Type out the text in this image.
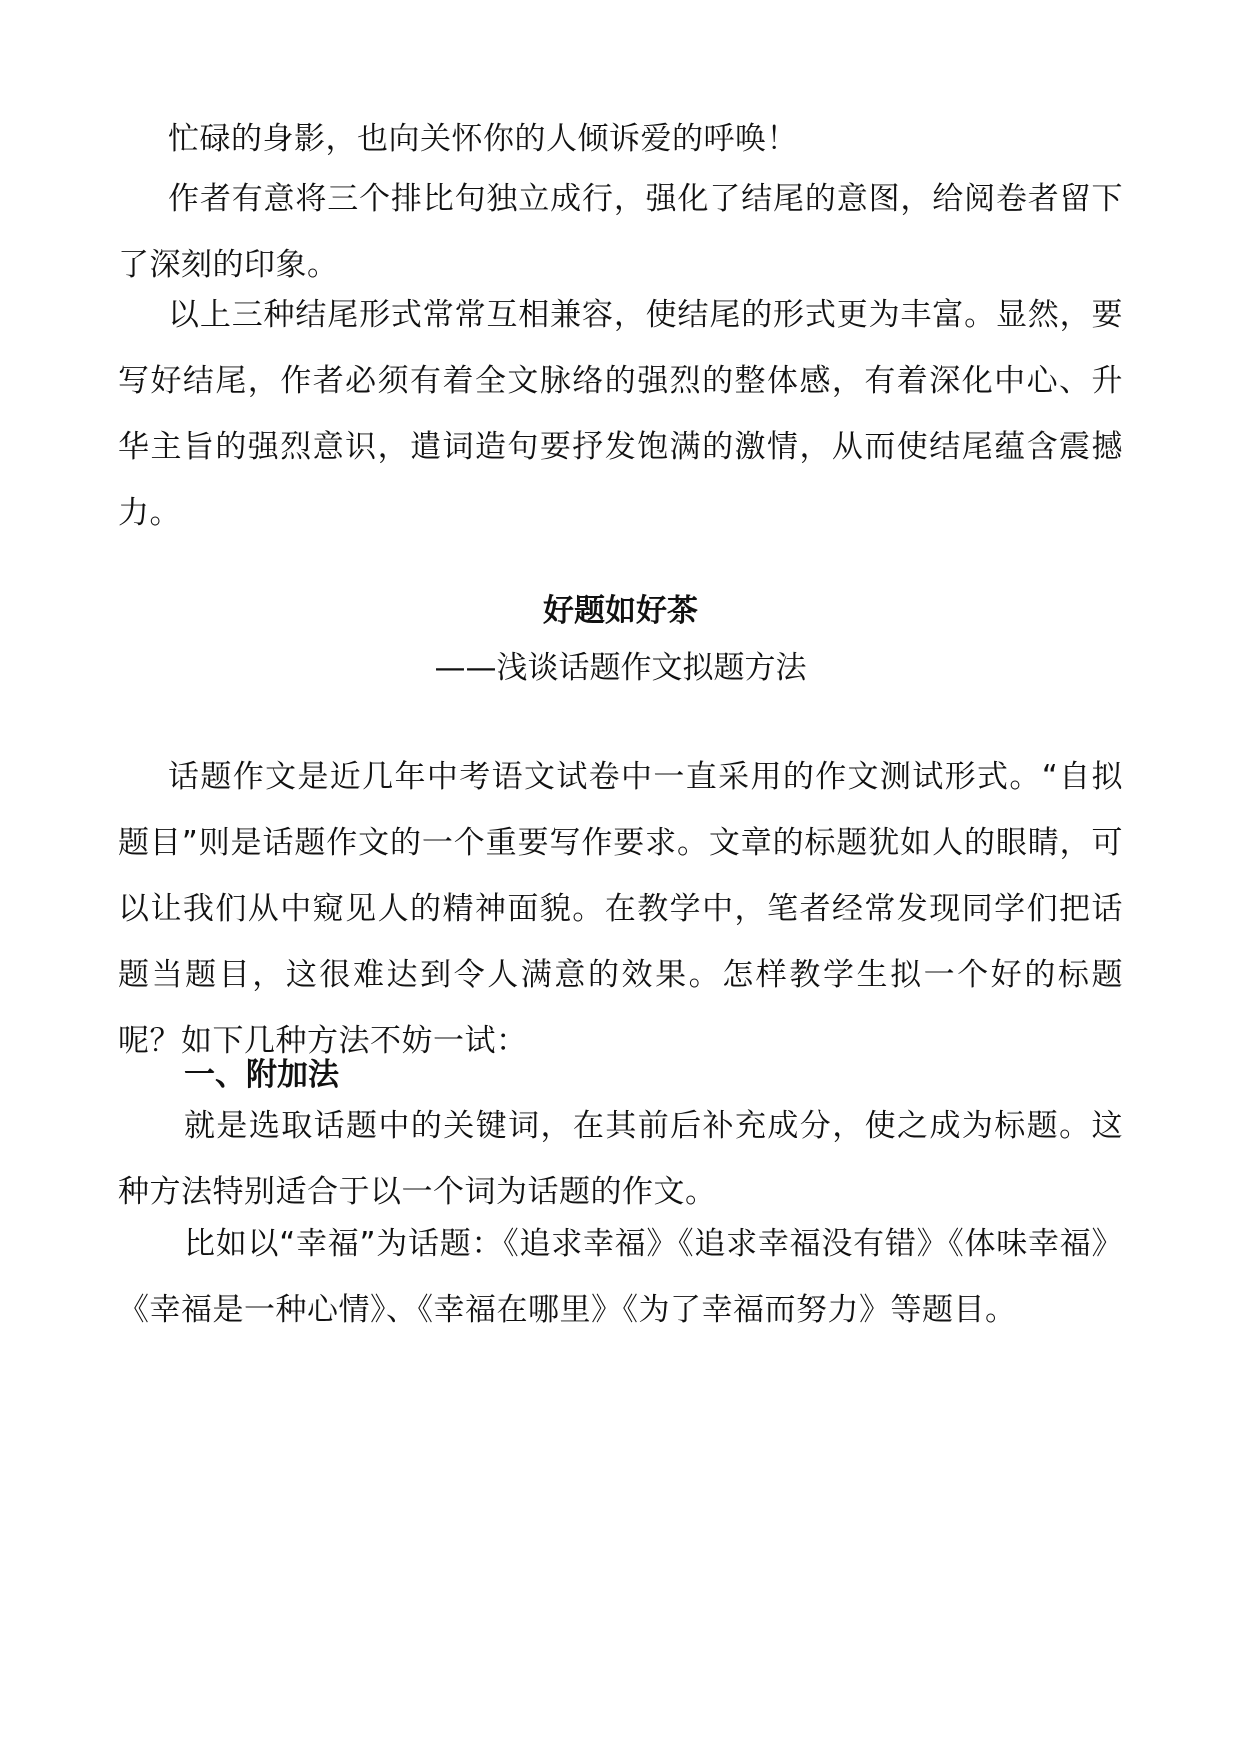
忙碌的身影，也向关怀你的人倾诉爱的呼唤！

作者有意将三个排比句独立成行，强化了结尾的意图，给阅卷者留下了深刻的印象。

以上三种结尾形式常常互相兼容，使结尾的形式更为丰富。显然，要写好结尾，作者必须有着全文脉络的强烈的整体感，有着深化中心、升华主旨的强烈意识，遣词造句要抒发饱满的激情，从而使结尾蕴含震撼力。

好题如好茶

——浅谈话题作文拟题方法

话题作文是近几年中考语文试卷中一直采用的作文测试形式。“自拟题目”则是话题作文的一个重要写作要求。文章的标题犹如人的眼睛，可以让我们从中窥见人的精神面貌。在教学中，笔者经常发现同学们把话题当题目，这很难达到令人满意的效果。怎样教学生拟一个好的标题呢？如下几种方法不妨一试：

一、附加法

就是选取话题中的关键词，在其前后补充成分，使之成为标题。这种方法特别适合于以一个词为话题的作文。

比如以“幸福”为话题：《追求幸福》《追求幸福没有错》《体味幸福》《幸福是一种心情》、《幸福在哪里》《为了幸福而努力》等题目。
